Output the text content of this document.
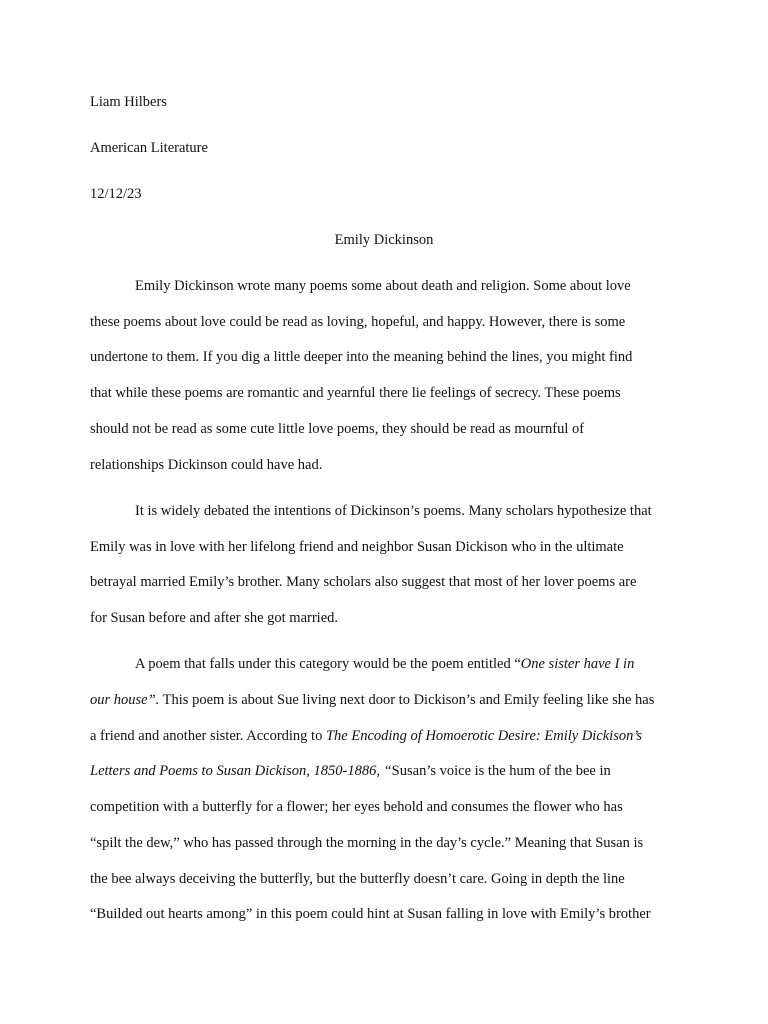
Liam Hilbers
American Literature
12/12/23
Emily Dickinson
Emily Dickinson wrote many poems some about death and religion. Some about love
these poems about love could be read as loving, hopeful, and happy. However, there is some
undertone to them. If you dig a little deeper into the meaning behind the lines, you might find
that while these poems are romantic and yearnful there lie feelings of secrecy. These poems
should not be read as some cute little love poems, they should be read as mournful of
relationships Dickinson could have had.
It is widely debated the intentions of Dickinson’s poems. Many scholars hypothesize that
Emily was in love with her lifelong friend and neighbor Susan Dickison who in the ultimate
betrayal married Emily’s brother. Many scholars also suggest that most of her lover poems are
for Susan before and after she got married.
A poem that falls under this category would be the poem entitled “One sister have I in
our house”. This poem is about Sue living next door to Dickison’s and Emily feeling like she has
a friend and another sister. According to The Encoding of Homoerotic Desire: Emily Dickison’s
Letters and Poems to Susan Dickison, 1850-1886, “Susan’s voice is the hum of the bee in
competition with a butterfly for a flower; her eyes behold and consumes the flower who has
“spilt the dew,” who has passed through the morning in the day’s cycle.” Meaning that Susan is
the bee always deceiving the butterfly, but the butterfly doesn’t care. Going in depth the line
“Builded out hearts among” in this poem could hint at Susan falling in love with Emily’s brother
